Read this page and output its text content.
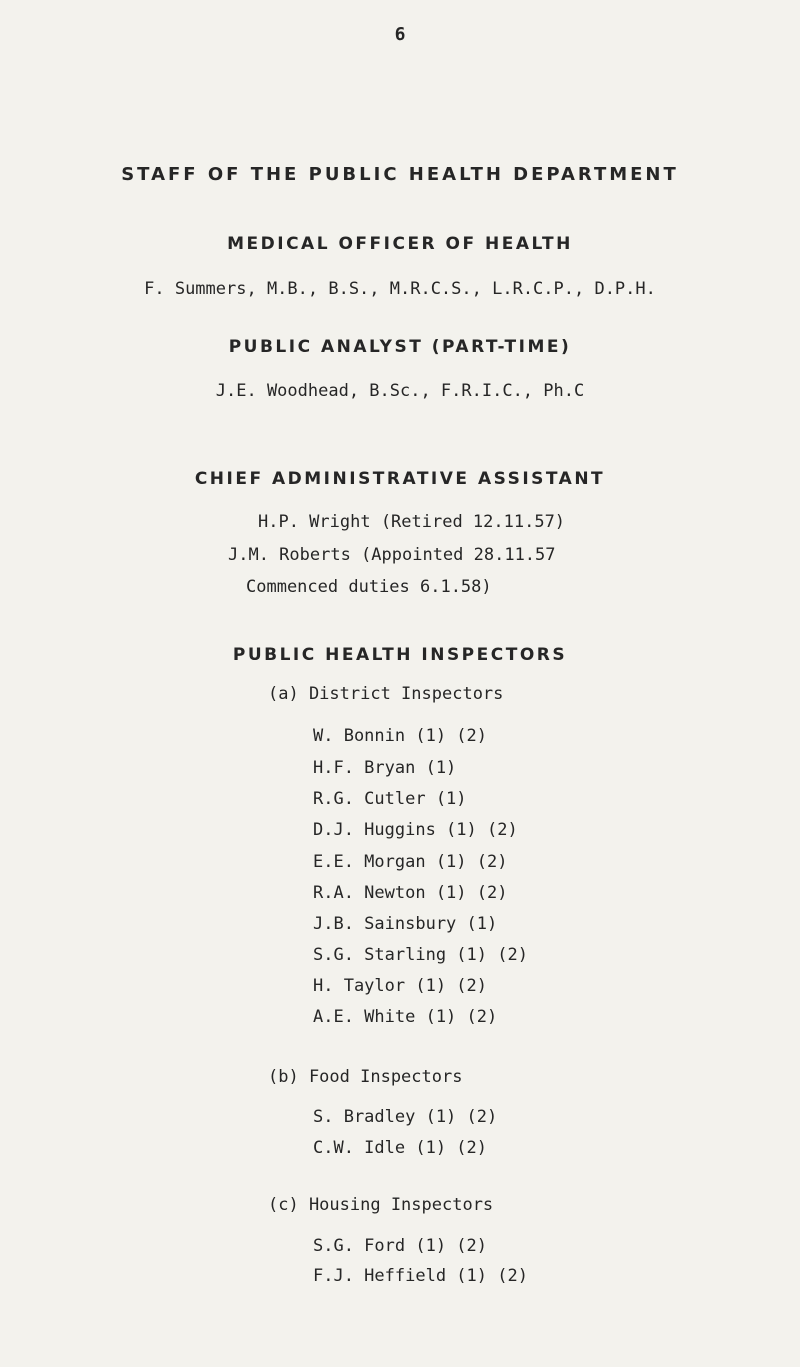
6
STAFF OF THE PUBLIC HEALTH DEPARTMENT
MEDICAL OFFICER OF HEALTH
F. Summers, M.B., B.S., M.R.C.S., L.R.C.P., D.P.H.
PUBLIC ANALYST (PART-TIME)
J.E. Woodhead, B.Sc., F.R.I.C., Ph.C
CHIEF ADMINISTRATIVE ASSISTANT
H.P. Wright (Retired 12.11.57)
J.M. Roberts (Appointed 28.11.57
Commenced duties 6.1.58)
PUBLIC HEALTH INSPECTORS
(a) District Inspectors
W. Bonnin (1) (2)
H.F. Bryan (1)
R.G. Cutler (1)
D.J. Huggins (1) (2)
E.E. Morgan (1) (2)
R.A. Newton (1) (2)
J.B. Sainsbury (1)
S.G. Starling (1) (2)
H. Taylor (1) (2)
A.E. White (1) (2)
(b) Food Inspectors
S. Bradley (1) (2)
C.W. Idle (1) (2)
(c) Housing Inspectors
S.G. Ford (1) (2)
F.J. Heffield (1) (2)
